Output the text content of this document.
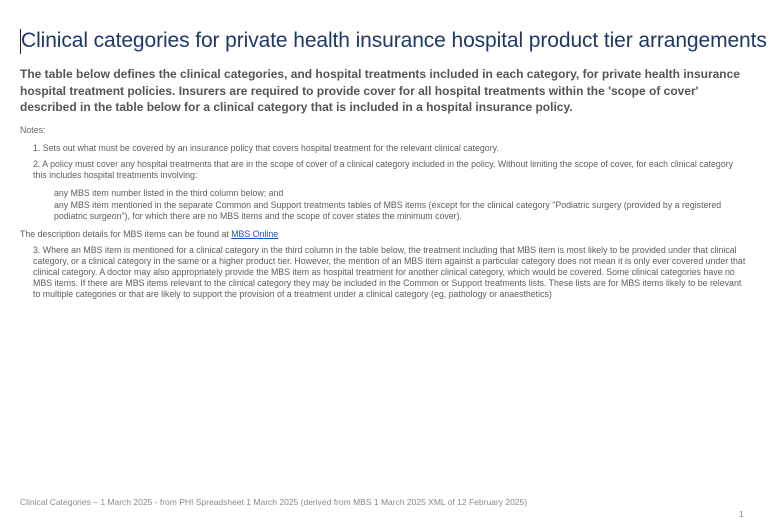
Clinical categories for private health insurance hospital product tier arrangements
The table below defines the clinical categories, and hospital treatments included in each category, for private health insurance hospital treatment policies. Insurers are required to provide cover for all hospital treatments within the 'scope of cover' described in the table below for a clinical category that is included in a hospital insurance policy.
Notes:
1. Sets out what must be covered by an insurance policy that covers hospital treatment for the relevant clinical category.
2. A policy must cover any hospital treatments that are in the scope of cover of a clinical category included in the policy. Without limiting the scope of cover, for each clinical category this includes hospital treatments involving:
any MBS item number listed in the third column below; and
any MBS item mentioned in the separate Common and Support treatments tables of MBS items (except for the clinical category "Podiatric surgery (provided by a registered podiatric surgeon"), for which there are no MBS items and the scope of cover states the minimum cover).
The description details for MBS items can be found at MBS Online
3. Where an MBS item is mentioned for a clinical category in the third column in the table below, the treatment including that MBS item is most likely to be provided under that clinical category, or a clinical category in the same or a higher product tier. However, the mention of an MBS item against a particular category does not mean it is only ever covered under that clinical category. A doctor may also appropriately provide the MBS item as hospital treatment for another clinical category, which would be covered. Some clinical categories have no MBS items. If there are MBS items relevant to the clinical category they may be included in the Common or Support treatments lists. These lists are for MBS items likely to be relevant to multiple categories or that are likely to support the provision of a treatment under a clinical category (eg, pathology or anaesthetics)
Clinical Categories – 1 March 2025 - from PHI Spreadsheet 1 March 2025 (derived from MBS 1 March 2025 XML of 12 February 2025)
1
